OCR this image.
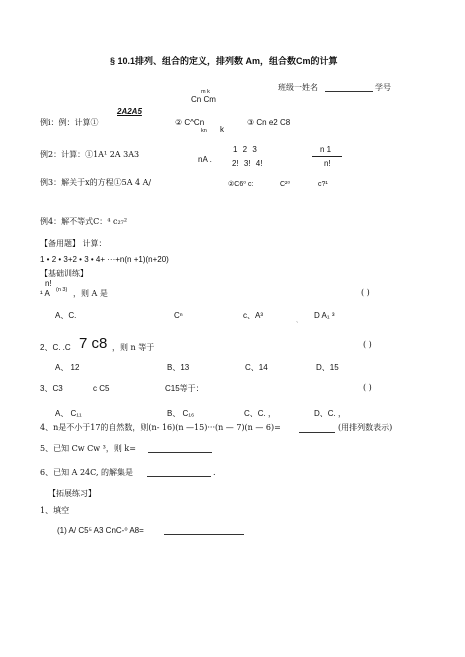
§ 10.1排列、组合的定义，排列数 Am，组合数Cm的计算
m k
Cn Cm
班级一姓名	学号
2A2A5
例i：例：计算①	② C^Cn	③ Cn e2 C8
kn k
1 2 3	n 1
例2：计算：①1A¹ 2A 3A3
nA .	2! 3! 4!	n!
例3：解关于x的方程①5A 4 A/	②C6⁰ c:	C²⁰	c?¹
例4：解不等式C：⁴ c₂₇²
【备用题】 计算：
1 • 2 • 3+2 • 3 • 4+ ···+n(n +1)(n+20)
【基础训练】
n!
¹ A (n 3) ，则 A 是	( )
A、C.	Cⁿ	c、A³	D A₁ ³
`
2、C. .C 7 c8 ，则 n 等于	( )
A、 12	B、13	C、14	D、15
3、C3	c C5	C15等于：	( )
A、 C₁₁	B、 C₁₆	C、C. ，	D、C. ，
4、n是不小于17的自然数，则(n- 16)(n —15)···(n — 7)(n — 6)=	(用排列数表示)
5、已知 Cw Cw ³，则 k=
6、已知 A 24C, 的解集是	.
【拓展练习】
1、填空
(1) A/ C5⁵ A3 CnC-⁰ A8=
